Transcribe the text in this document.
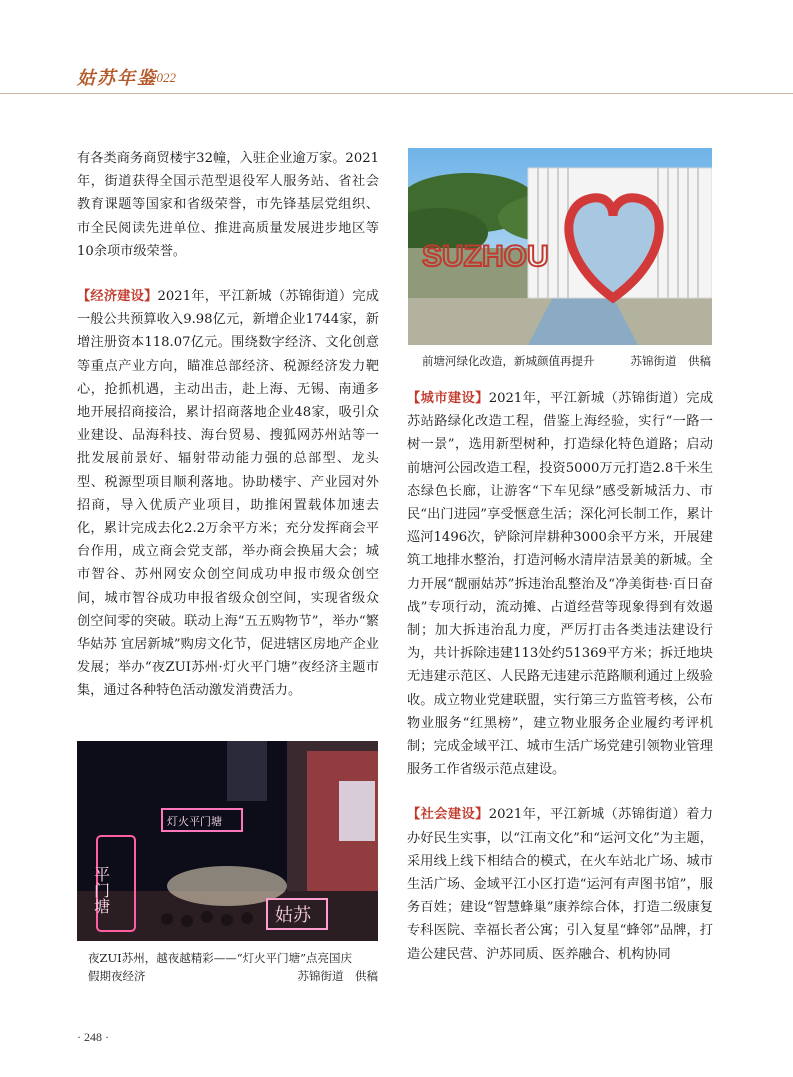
姑苏年鉴
2022

有各类商务商贸楼宇32幢，入驻企业逾万家。2021年，街道获得全国示范型退役军人服务站、省社会教育课题等国家和省级荣誉，市先锋基层党组织、市全民阅读先进单位、推进高质量发展进步地区等10余项市级荣誉。

【经济建设】2021年，平江新城（苏锦街道）完成一般公共预算收入9.98亿元，新增企业1744家，新增注册资本118.07亿元。围绕数字经济、文化创意等重点产业方向，瞄准总部经济、税源经济发力靶心，抢抓机遇，主动出击，赴上海、无锡、南通多地开展招商接洽，累计招商落地企业48家，吸引众业建设、品海科技、海台贸易、搜狐网苏州站等一批发展前景好、辐射带动能力强的总部型、龙头型、税源型项目顺利落地。协助楼宇、产业园对外招商，导入优质产业项目，助推闲置载体加速去化，累计完成去化2.2万余平方米；充分发挥商会平台作用，成立商会党支部，举办商会换届大会；城市智谷、苏州网安众创空间成功申报市级众创空间，城市智谷成功申报省级众创空间，实现省级众创空间零的突破。联动上海“五五购物节”，举办“繁华姑苏 宜居新城”购房文化节，促进辖区房地产企业发展；举办“夜ZUI苏州·灯火平门塘”夜经济主题市集，通过各种特色活动激发消费活力。

SUZHOU
前塘河绿化改造，新城颜值再提升	苏锦街道　供稿

【城市建设】2021年，平江新城（苏锦街道）完成苏站路绿化改造工程，借鉴上海经验，实行“一路一树一景”，选用新型树种，打造绿化特色道路；启动前塘河公园改造工程，投资5000万元打造2.8千米生态绿色长廊，让游客“下车见绿”感受新城活力、市民“出门进园”享受惬意生活；深化河长制工作，累计巡河1496次，铲除河岸耕种3000余平方米，开展建筑工地排水整治，打造河畅水清岸洁景美的新城。全力开展“靓丽姑苏”拆违治乱整治及“净美街巷·百日奋战”专项行动，流动摊、占道经营等现象得到有效遏制；加大拆违治乱力度，严厉打击各类违法建设行为，共计拆除违建113处约51369平方米；拆迁地块无违建示范区、人民路无违建示范路顺利通过上级验收。成立物业党建联盟，实行第三方监管考核，公布物业服务“红黑榜”，建立物业服务企业履约考评机制；完成金域平江、城市生活广场党建引领物业管理服务工作省级示范点建设。

【社会建设】2021年，平江新城（苏锦街道）着力办好民生实事，以“江南文化”和“运河文化”为主题，采用线上线下相结合的模式，在火车站北广场、城市生活广场、金域平江小区打造“运河有声图书馆”，服务百姓；建设“智慧蜂巢”康养综合体，打造二级康复专科医院、幸福长者公寓；引入复星“蜂邻”品牌，打造公建民营、沪苏同质、医养融合、机构协同

平门塘
灯火平门塘
姑苏
夜ZUI苏州，越夜越精彩——“灯火平门塘”点亮国庆
假期夜经济	苏锦街道　供稿
· 248 ·
